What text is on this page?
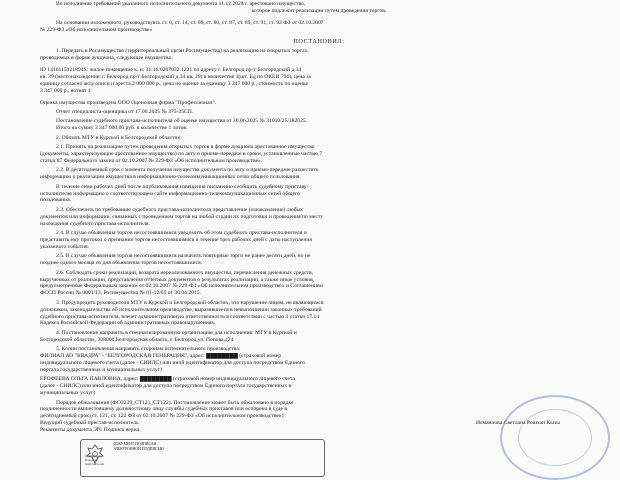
Во исполнение требований указанного исполнительного документа 11.12.2024 г. арестовано имущество,
которое подлежит реализации путем проведения торгов.
На основании изложенного, руководствуясь ст. 6, ст. 14, ст. 68, ст. 80, ст. 87, ст. 89, ст. 91, ст. 92 ФЗ от 02.10.2007
№ 229-ФЗ «Об исполнительном производстве»
ПОСТАНОВИЛ:
1. Передать в Росимущество (территориальный орган Росимущества) на реализацию на открытых торгах,
проводимых в форме аукциона, следующее имущество:
ID 1410115921894S: жилое помещение к. н. 31:16:0207032:1221 по адресу г. Белгород пр-т Белгородский д.34
кв. 39 (местонахождение: г. Белгород пр-т Белгородский д.34 кв. 39) в количестве 1(шт. Ед по ОКЕИ 796), цена за
единицу согласно акту описи и ареста 2 000 000 р., цена по оценке за единицу 3 347 000 р., стоимость по оценке
3 347 000 р., вотнят 1
Оценка имущества произведена ООО Оценочная фирма "Профессионал".
Отчет специалиста-оценщика от 17.06.2025 № 375-25СП.
Постановление судебного пристава-исполнителя об оценке имущества от 30.06.2025 № 31010/25/382625.
Итого на сумму 3 347 000,00 руб. в количестве 1 лотов.
2. Обязать МТУ в Курской и Белгородской областях:
2.1. Принять на реализацию путем проведения открытых торгов в форме аукциона арестованное имущество
(документы, характеризующие арестованное имущество) по акту о приеме-передаче в сроки, установленные частью 7
статьи 87 Федерального закона от 02.10.2007 № 229-ФЗ «Об исполнительном производстве».
2.2. В десятидневный срок с момента получения имущества документа по акту о приеме-передаче разместить
информацию о реализации имущества в информационно-телекоммуникационных сетях общего пользования.
В течение семи рабочих дней после опубликования извещения письменно сообщить судебному приставу-
исполнителю информацию о соответствующем сайте информационно-телекоммуникационных сетей общего
пользования.
2.3. Обеспечить по требованию судебного пристава-исполнителя представление (ознакомление) любых
документов или информации, связанных с проведением торгов на любой стадии их подготовки и проведения по месту
нахождения судебного пристава-исполнителя.
2.4. В случае объявления торгов несостоявшимися уведомить об этом судебного пристава-исполнителя и
представить ему протокол о признании торгов несостоявшимися в течение трех рабочих дней с даты наступления
указанного события.
2.5. В случае объявления торгов несостоявшимися назначить повторные торги не ранее десяти дней, но не
позднее одного месяца со дня объявления торгов несостоявшимися.
2.6. Соблюдать сроки реализации, возврата нереализованного имущества, перечисления денежных средств,
вырученных от реализации, представления отчетных документов о результатах реализации, а также иные условия,
предусмотренные Федеральным законом от 02.10.2007 № 229-ФЗ «Об исполнительном производстве» и Соглашением
ФССП России № 0001/13, Росимущества № 01-12/65 от 30.04.2015.
3. Предупредить руководителя МТУ в Курской и Белгородской областях, что нарушение лицом, не являющимся
должником, законодательства об исполнительном производстве, выразившееся в невыполнении законных требований
судебного пристава-исполнителя, влечет административную ответственность в соответствии с частью 3 статьи 17.14
Кодекса Российской Федерации об административных правонарушениях.
4. Постановление направить в специализированную организацию для исполнения: МТУ в Курской и
Белгородской областях, 308000,Белгородская область, г. Белгород,ул. Попова,д24
5. Копии постановления направить сторонам исполнительного производства:
ФИЛИАЛ АО "КВАДРА" - "БЕЛГОРОДСКАЯ ГЕНЕРАЦИЯ", адрес: ████████ (страховой номер
индивидуального лицевого счета (далее - СНИЛС) или иной идентификатор для доступа посредством Единого
портала государственных и муниципальных услуг)
ЕРОФЕЕВА ОЛЬГА ПАВЛОВНА, адрес: ████████ (страховой номер индивидуального лицевого счета
(далее - СНИЛС) или иной идентификатор для доступа посредством Единого портала государственных и
муниципальных услуг)
Порядок обжалования (ФОЗ229_СТ121_СТ122). Постановление может быть обжаловано в порядке
подчиненности вышестоящему должностному лицу службы судебных приставов или оспорено в суде в
десятидневный срок (ст. 121, ст. 122 ФЗ от 02.10.2007 № 229-ФЗ «Об исполнительном производстве»)
Ведущий судебный пристав-исполнитель	Исмаилова Светлана Рошхан Кызы
Реквизиты документа ЭП: Подпись верна
ДОКУМЕНТ ПОДПИСАН
ЭЛЕКТРОННОЙ ПОДПИСЬЮ
Сертификат
Владелец
Действителен
